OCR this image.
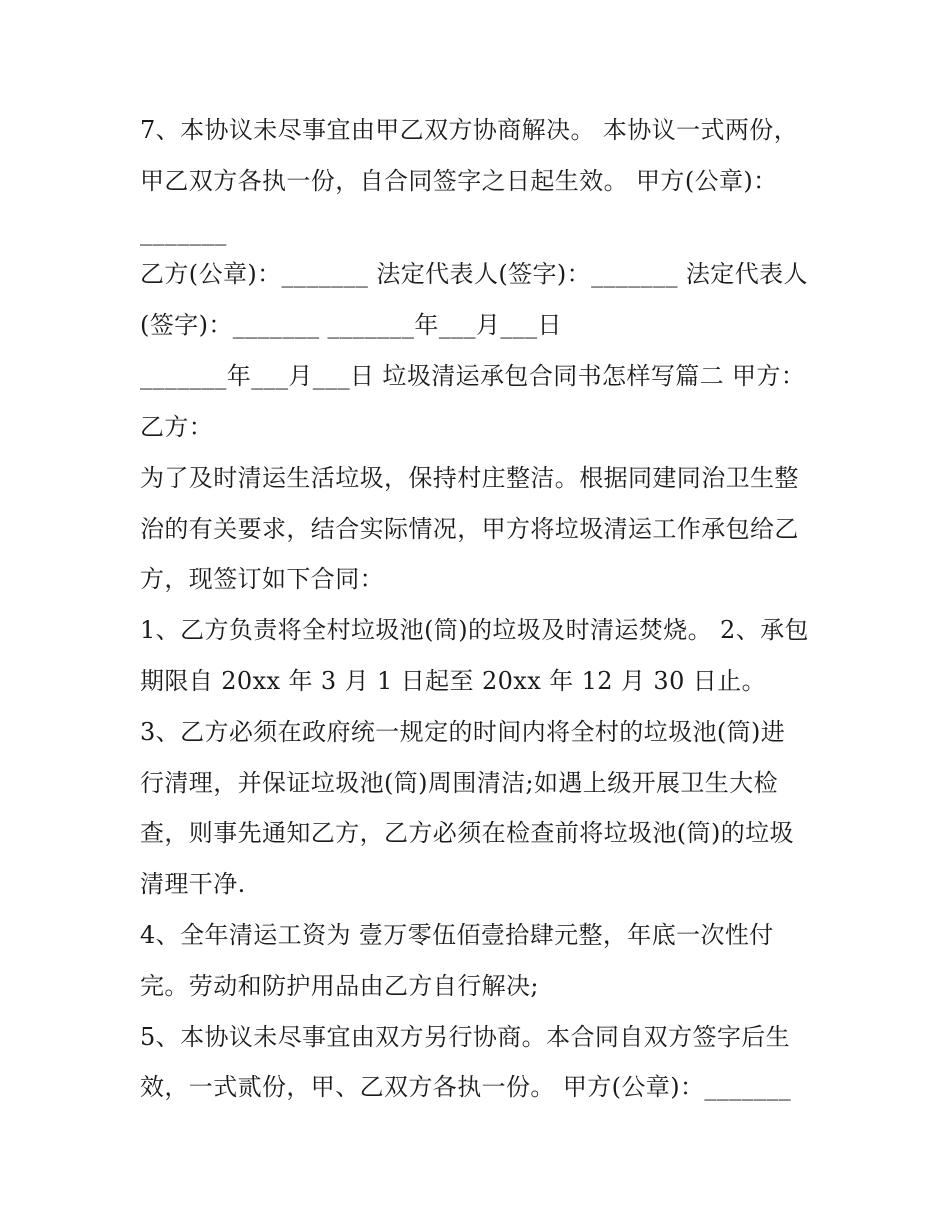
7、本协议未尽事宜由甲乙双方协商解决。 本协议一式两份，
甲乙双方各执一份，自合同签字之日起生效。 甲方(公章)：
_______
乙方(公章)：_______ 法定代表人(签字)：_______ 法定代表人
(签字)：_______ _______年___月___日
_______年___月___日 垃圾清运承包合同书怎样写篇二 甲方：
乙方：
为了及时清运生活垃圾，保持村庄整洁。根据同建同治卫生整
治的有关要求，结合实际情况，甲方将垃圾清运工作承包给乙
方，现签订如下合同：
1、乙方负责将全村垃圾池(筒)的垃圾及时清运焚烧。 2、承包
期限自 20xx 年 3 月 1 日起至 20xx 年 12 月 30 日止。
3、乙方必须在政府统一规定的时间内将全村的垃圾池(筒)进
行清理，并保证垃圾池(筒)周围清洁;如遇上级开展卫生大检
查，则事先通知乙方，乙方必须在检查前将垃圾池(筒)的垃圾
清理干净.
4、全年清运工资为 壹万零伍佰壹拾肆元整，年底一次性付
完。劳动和防护用品由乙方自行解决;
5、本协议未尽事宜由双方另行协商。本合同自双方签字后生
效，一式贰份，甲、乙双方各执一份。 甲方(公章)：_______
